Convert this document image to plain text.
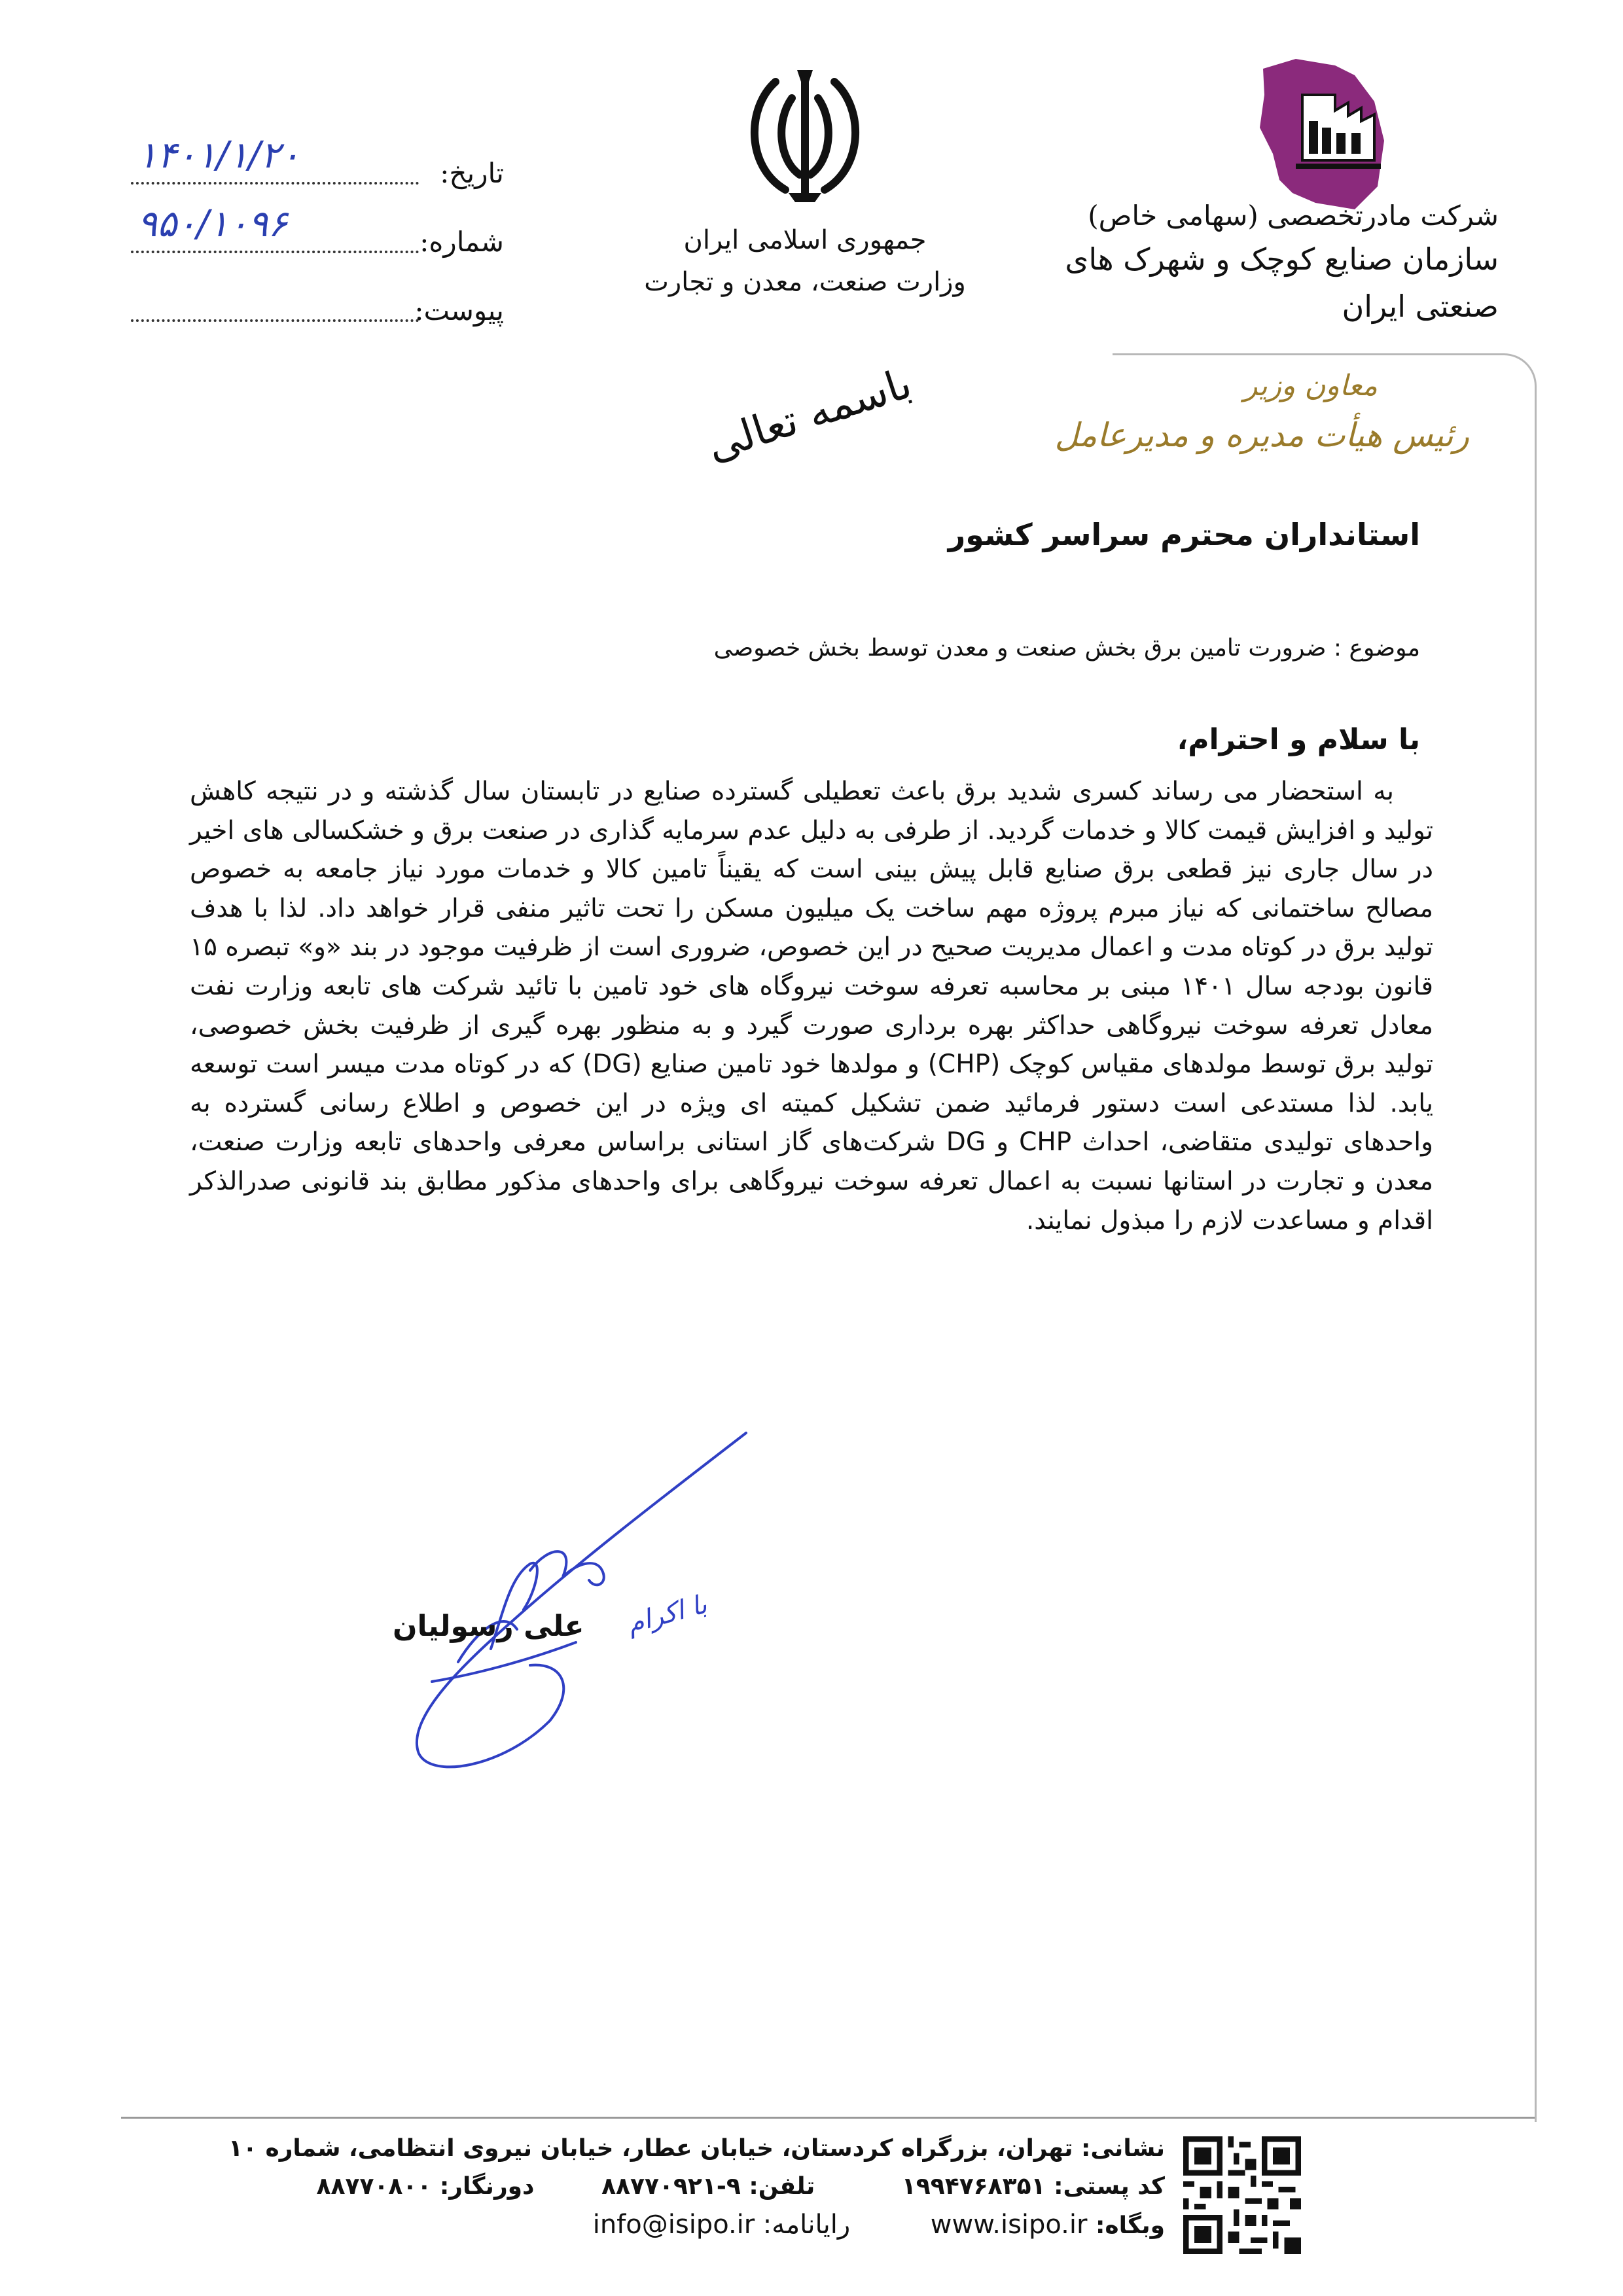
شرکت مادرتخصصی (سهامی خاص)
سازمان صنایع کوچک و شهرک های صنعتی ایران
جمهوری اسلامی ایران
وزارت صنعت، معدن و تجارت
باسمه تعالی
تاریخ:
۱۴۰۱/۱/۲۰
شماره:
۹۵۰/۱۰۹۶
پیوست:
معاون وزیر
رئیس هیأت مدیره و مدیرعامل
استانداران محترم سراسر کشور
موضوع : ضرورت تامین برق بخش صنعت و معدن توسط بخش خصوصی
با سلام و احترام،

به استحضار می رساند کسری شدید برق باعث تعطیلی گسترده صنایع در تابستان سال گذشته و در نتیجه کاهش تولید و افزایش قیمت کالا و خدمات گردید. از طرفی به دلیل عدم سرمایه گذاری در صنعت برق و خشکسالی های اخیر در سال جاری نیز قطعی برق صنایع قابل پیش بینی است که یقیناً تامین کالا و خدمات مورد نیاز جامعه به خصوص مصالح ساختمانی که نیاز مبرم پروژه مهم ساخت یک میلیون مسکن را تحت تاثیر منفی قرار خواهد داد. لذا با هدف تولید برق در کوتاه مدت و اعمال مدیریت صحیح در این خصوص، ضروری است از ظرفیت موجود در بند «و» تبصره ۱۵ قانون بودجه سال ۱۴۰۱ مبنی بر محاسبه تعرفه سوخت نیروگاه های خود تامین با تائید شرکت های تابعه وزارت نفت معادل تعرفه سوخت نیروگاهی حداکثر بهره برداری صورت گیرد و به منظور بهره گیری از ظرفیت بخش خصوصی، تولید برق توسط مولدهای مقیاس کوچک (CHP) و مولدها خود تامین صنایع (DG) که در کوتاه مدت میسر است توسعه یابد. لذا مستدعی است دستور فرمائید ضمن تشکیل کمیته ای ویژه در این خصوص و اطلاع رسانی گسترده به واحدهای تولیدی متقاضی، احداث CHP و DG شرکت‌های گاز استانی براساس معرفی واحدهای تابعه وزارت صنعت، معدن و تجارت در استانها نسبت به اعمال تعرفه سوخت نیروگاهی برای واحدهای مذکور مطابق بند قانونی صدرالذکر اقدام و مساعدت لازم را مبذول نمایند.

علی رسولیان با اکرام
نشانی: تهران، بزرگراه کردستان، خیابان عطار، خیابان نیروی انتظامی، شماره ۱۰
کد پستی: ۱۹۹۴۷۶۸۳۵۱ تلفن: ۹-۸۸۷۷۰۹۲۱ دورنگار: ۸۸۷۷۰۸۰۰
وبگاه: www.isipo.ir رایانامه: info@isipo.ir
